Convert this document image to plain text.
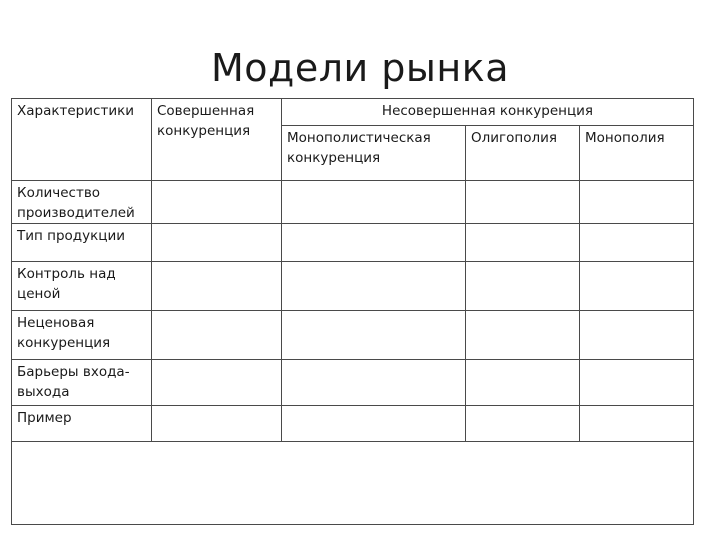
Модели рынка
Характеристики	Совершенная конкуренция	Несовершенная конкуренция		
		Монополистическая конкуренция	Олигополия	Монополия
Количество производителей				
Тип продукции				
Контроль над ценой				
Неценовая конкуренция				
Барьеры входа-выхода				
Пример				
